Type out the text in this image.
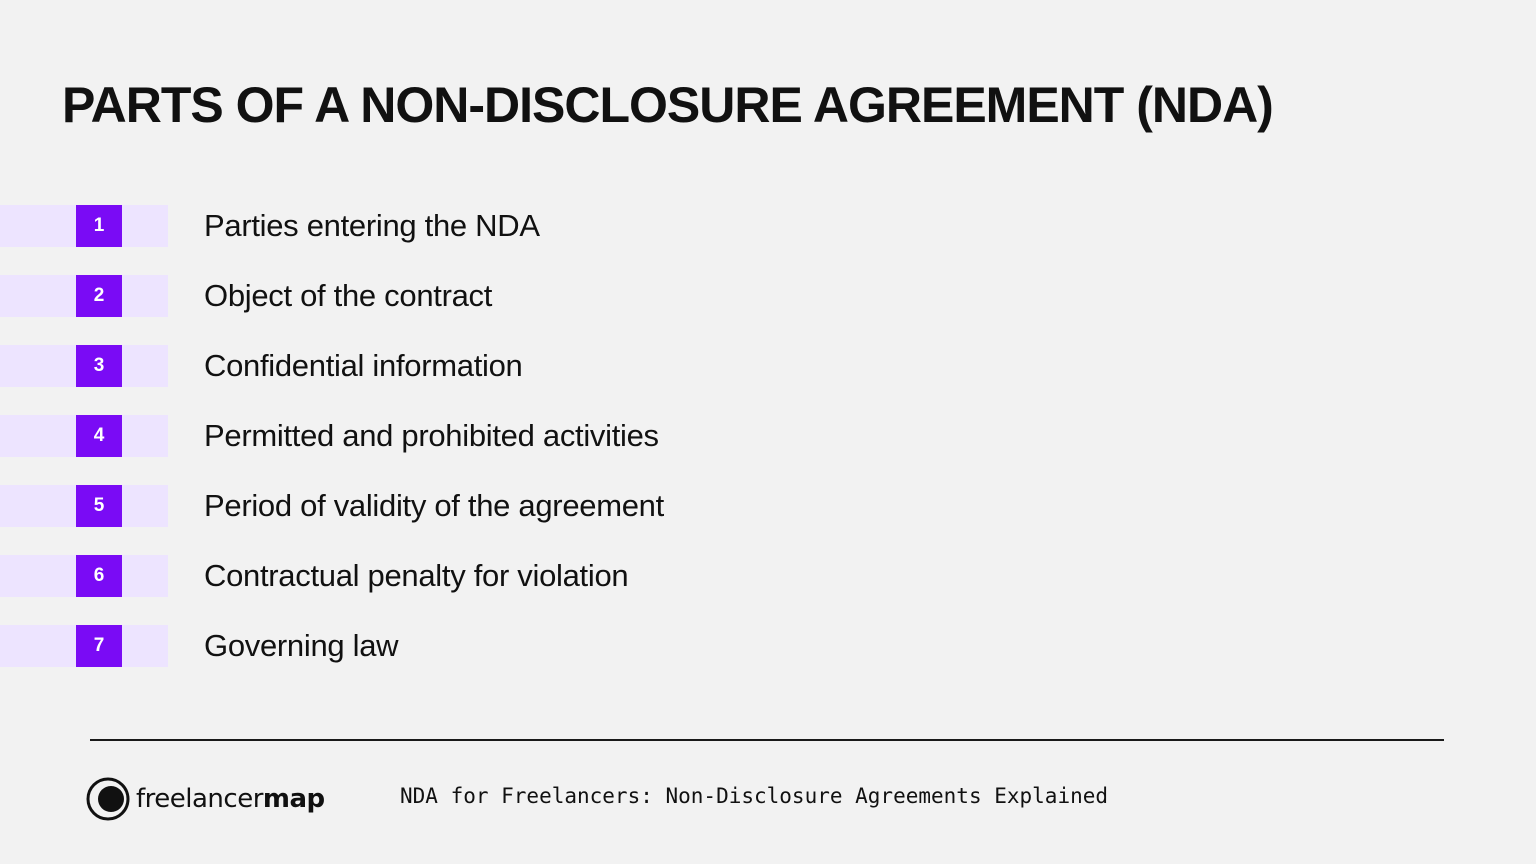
PARTS OF A NON-DISCLOSURE AGREEMENT (NDA)
1	Parties entering the NDA
2	Object of the contract
3	Confidential information
4	Permitted and prohibited activities
5	Period of validity of the agreement
6	Contractual penalty for violation
7	Governing law
freelancermap	NDA for Freelancers: Non-Disclosure Agreements Explained
